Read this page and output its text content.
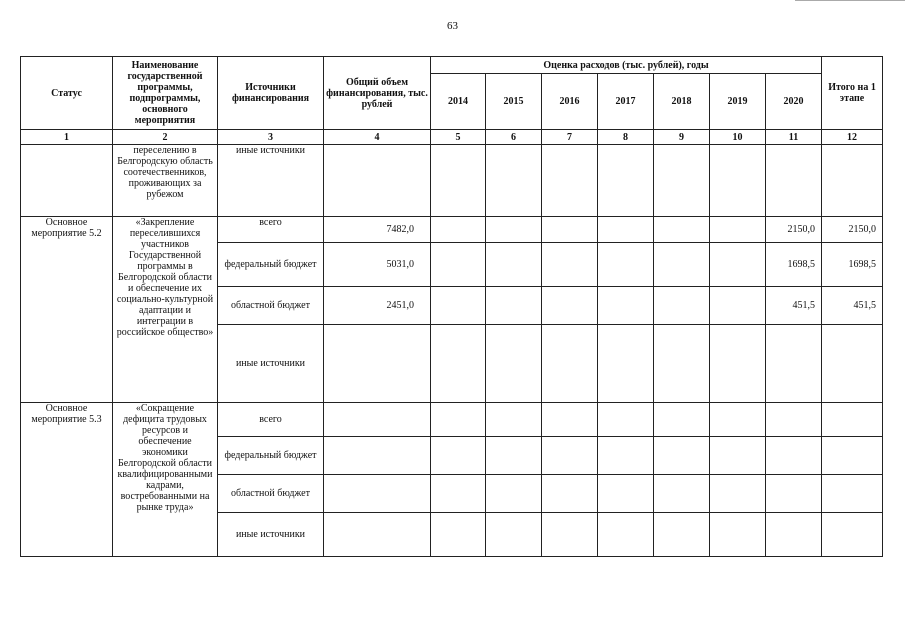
63
Статус	Наименование государственной программы, подпрограммы, основного мероприятия	Источники финансирования	Общий объем финансирования, тыс. рублей	Оценка расходов (тыс. рублей), годы							Итого на 1 этапе
				2014	2015	2016	2017	2018	2019	2020	
1	2	3	4	5	6	7	8	9	10	11	12
	переселению в Белгородскую область соотечественников, проживающих за рубежом	иные источники									
Основное мероприятие 5.2	«Закрепление переселившихся участников Государственной программы в Белгородской области и обеспечение их социально-культурной адаптации и интеграции в российское общество»	всего	7482,0							2150,0	2150,0
		федеральный бюджет	5031,0							1698,5	1698,5
		областной бюджет	2451,0							451,5	451,5
		иные источники									
Основное мероприятие 5.3	«Сокращение дефицита трудовых ресурсов и обеспечение экономики Белгородской области квалифицированными кадрами, востребованными на рынке труда»	всего									
		федеральный бюджет									
		областной бюджет									
		иные источники									
